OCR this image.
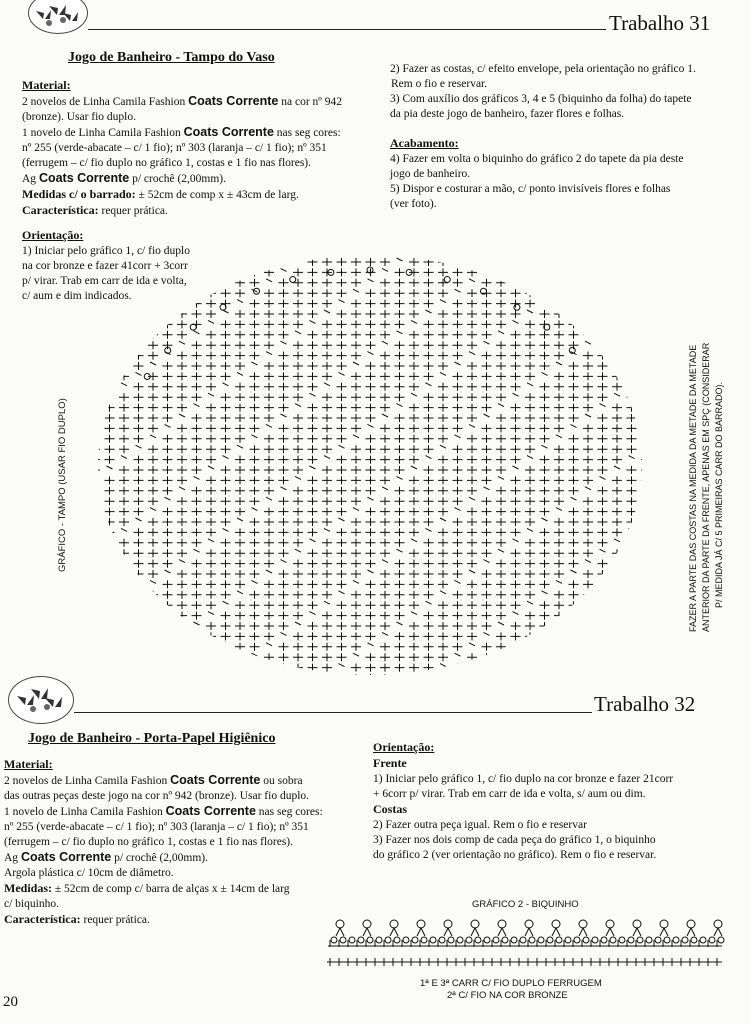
Trabalho 31
Jogo de Banheiro - Tampo do Vaso

Material:

2 novelos de Linha Camila Fashion Coats Corrente na cor nº 942

(bronze). Usar fio duplo.

1 novelo de Linha Camila Fashion Coats Corrente nas seg cores:

nº 255 (verde-abacate – c/ 1 fio); nº 303 (laranja – c/ 1 fio); nº 351

(ferrugem – c/ fio duplo no gráfico 1, costas e 1 fio nas flores).

Ag Coats Corrente p/ crochê (2,00mm).

Medidas c/ o barrado: ± 52cm de comp x ± 43cm de larg.

Característica: requer prática.

Orientação:

1) Iniciar pelo gráfico 1, c/ fio duplo

na cor bronze e fazer 41corr + 3corr

p/ virar. Trab em carr de ida e volta,

c/ aum e dim indicados.

2) Fazer as costas, c/ efeito envelope, pela orientação no gráfico 1.

Rem o fio e reservar.

3) Com auxílio dos gráficos 3, 4 e 5 (biquinho da folha) do tapete

da pia deste jogo de banheiro, fazer flores e folhas.

Acabamento:

4) Fazer em volta o biquinho do gráfico 2 do tapete da pia deste

jogo de banheiro.

5) Dispor e costurar a mão, c/ ponto invisíveis flores e folhas

(ver foto).

GRÁFICO - TAMPO (USAR FIO DUPLO)	FAZER A PARTE DAS COSTAS NA MEDIDA DA METADE DA METADE ANTERIOR DA PARTE DA FRENTE, APENAS EM SPÇ (CONSIDERAR P/ MEDIDA JÁ C/ 5 PRIMEIRAS CARR DO BARRADO).
Trabalho 32
Jogo de Banheiro - Porta-Papel Higiênico

Material:

2 novelos de Linha Camila Fashion Coats Corrente ou sobra

das outras peças deste jogo na cor nº 942 (bronze). Usar fio duplo.

1 novelo de Linha Camila Fashion Coats Corrente nas seg cores:

nº 255 (verde-abacate – c/ 1 fio); nº 303 (laranja – c/ 1 fio); nº 351

(ferrugem – c/ fio duplo no gráfico 1, costas e 1 fio nas flores).

Ag Coats Corrente p/ crochê (2,00mm).

Argola plástica c/ 10cm de diâmetro.

Medidas: ± 52cm de comp c/ barra de alças x ± 14cm de larg

c/ biquinho.

Característica: requer prática.

Orientação:

Frente

1) Iniciar pelo gráfico 1, c/ fio duplo na cor bronze e fazer 21corr

+ 6corr p/ virar. Trab em carr de ida e volta, s/ aum ou dim.

Costas

2) Fazer outra peça igual. Rem o fio e reservar

3) Fazer nos dois comp de cada peça do gráfico 1, o biquinho

do gráfico 2 (ver orientação no gráfico). Rem o fio e reservar.

GRÁFICO 2 - BIQUINHO
1ª E 3ª CARR C/ FIO DUPLO FERRUGEM
2ª C/ FIO NA COR BRONZE
20
